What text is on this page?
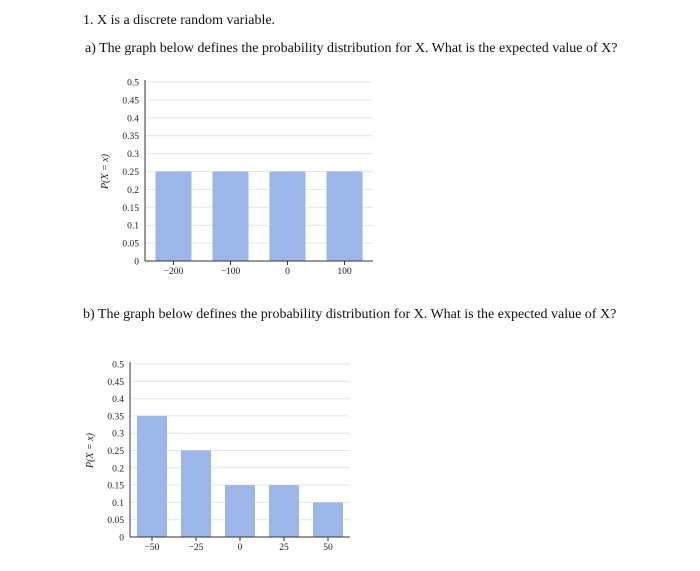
1. X is a discrete random variable.
a) The graph below defines the probability distribution for X. What is the expected value of X?
0
0.05
0.1
0.15
0.2
0.25
0.3
0.35
0.4
0.45
0.5
−200	−100	0	100
P(X = x)
b) The graph below defines the probability distribution for X. What is the expected value of X?
0
0.05
0.1
0.15
0.2
0.25
0.3
0.35
0.4
0.45
0.5
−50	−25	0	25	50
P(X = x)
